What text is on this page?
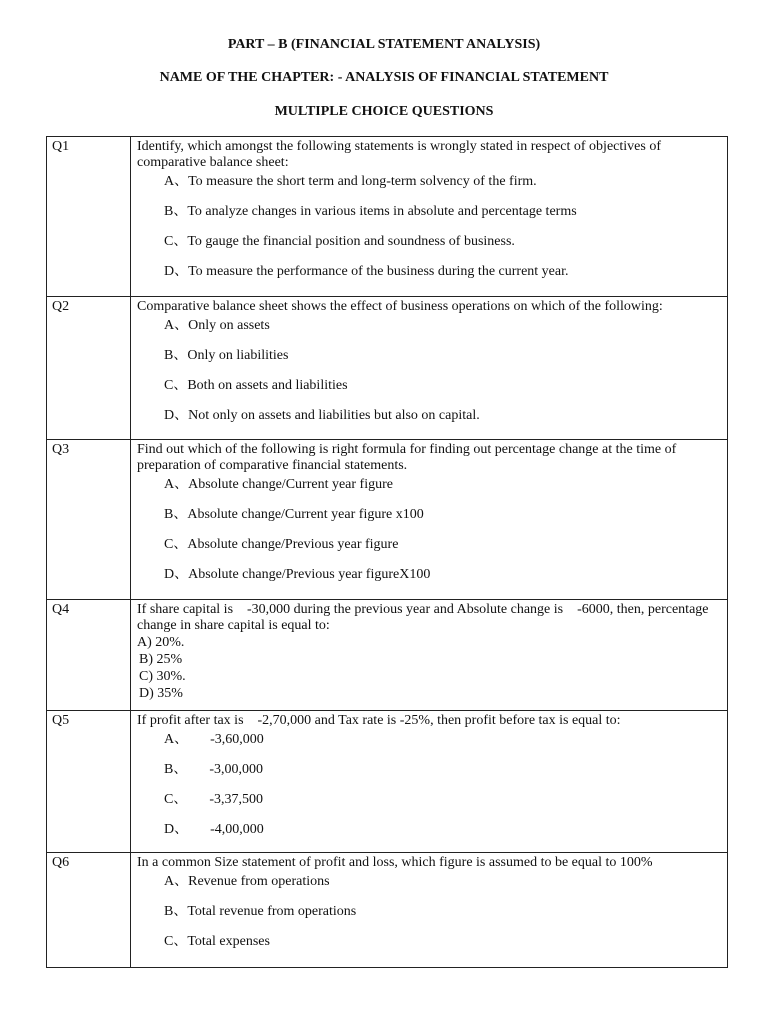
PART – B (FINANCIAL STATEMENT ANALYSIS)

NAME OF THE CHAPTER: - ANALYSIS OF FINANCIAL STATEMENT

MULTIPLE CHOICE QUESTIONS

Q1	Identify, which amongst the following statements is wrongly stated in respect of objectives of comparative balance sheet:

A、To measure the short term and long-term solvency of the firm.

B、To analyze changes in various items in absolute and percentage terms

C、To gauge the financial position and soundness of business.

D、To measure the performance of the business during the current year.

Q2	Comparative balance sheet shows the effect of business operations on which of the following:

A、Only on assets

B、Only on liabilities

C、Both on assets and liabilities

D、Not only on assets and liabilities but also on capital.

Q3	Find out which of the following is right formula for finding out percentage change at the time of preparation of comparative financial statements.

A、Absolute change/Current year figure

B、Absolute change/Current year figure x100

C、Absolute change/Previous year figure

D、Absolute change/Previous year figureX100

Q4	If share capital is -30,000 during the previous year and Absolute change is -6000, then, percentage change in share capital is equal to:

A) 20%.

B) 25%

C) 30%.

D) 35%

Q5	If profit after tax is -2,70,000 and Tax rate is -25%, then profit before tax is equal to:

A、 -3,60,000

B、 -3,00,000

C、 -3,37,500

D、 -4,00,000

Q6	In a common Size statement of profit and loss, which figure is assumed to be equal to 100%

A、Revenue from operations

B、Total revenue from operations

C、Total expenses
